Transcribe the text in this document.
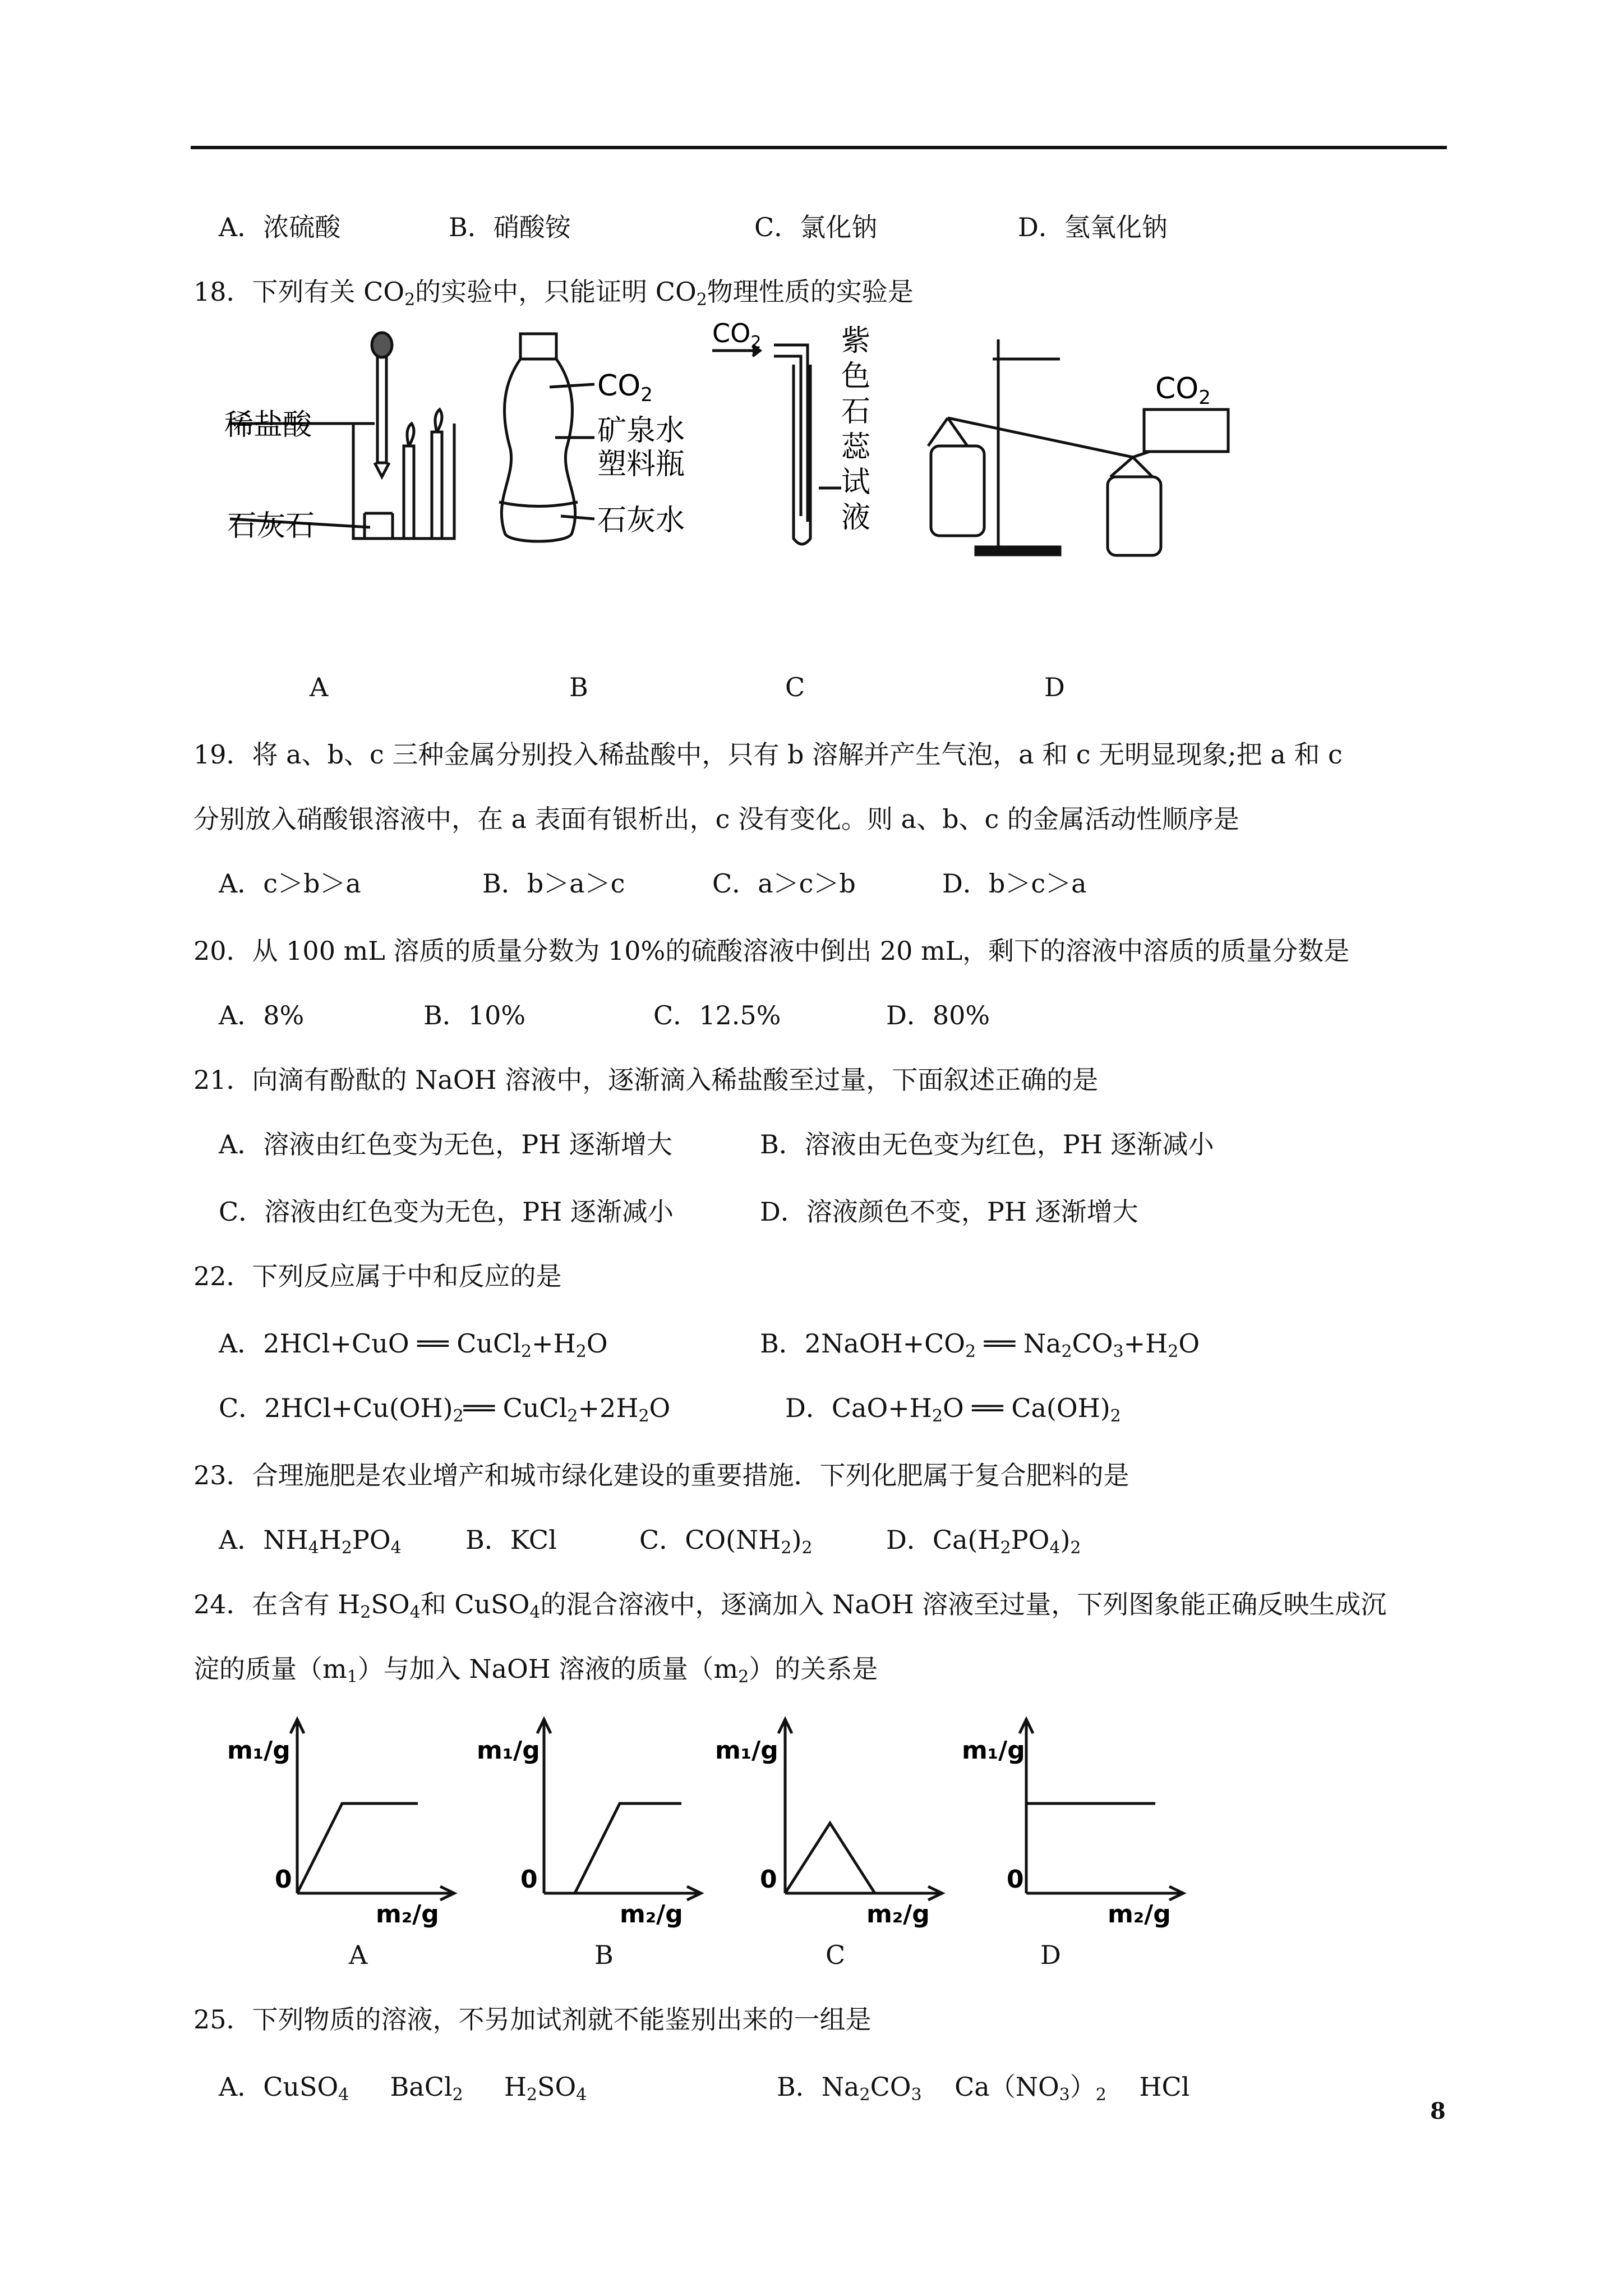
A．浓硫酸	B．硝酸铵	C．氯化钠	D．氢氧化钠
18．下列有关 $CO_2$的实验中，只能证明 $CO_2$物理性质的实验是
稀盐酸
石灰石
CO2
矿泉水
塑料瓶
石灰水
$CO_2$	紫
色
石
蕊
试
液
CO2
A	B	C	D
19．将 a、b、c 三种金属分别投入稀盐酸中，只有 b 溶解并产生气泡，a 和 c 无明显现象;把 a 和 c
分别放入硝酸银溶液中，在 a 表面有银析出，c 没有变化。则 a、b、c 的金属活动性顺序是
A．c＞b＞a	B．b＞a＞c	C．a＞c＞b	D．b＞c＞a
20．从 100 mL 溶质的质量分数为 10%的硫酸溶液中倒出 20 mL，剩下的溶液中溶质的质量分数是
A．8%	B．10%	C．12.5%	D．80%
21．向滴有酚酞的 NaOH 溶液中，逐渐滴入稀盐酸至过量，下面叙述正确的是
A．溶液由红色变为无色，PH 逐渐增大	B．溶液由无色变为红色，PH 逐渐减小
C．溶液由红色变为无色，PH 逐渐减小	D．溶液颜色不变，PH 逐渐增大
22．下列反应属于中和反应的是
A．2HCl+CuO ══ $CuCl_2+H_2O$	B．$2NaOH+CO_2$ ══ $Na_2CO_3+H_2O$
C．$2HCl+Cu(OH)_2══$ $CuCl_2+2H_2O$	D．$CaO+H_2O$ ══ $Ca(OH)_2$
23．合理施肥是农业增产和城市绿化建设的重要措施．下列化肥属于复合肥料的是
A．$NH_4H_2PO_4$ B．KCl	C．$CO(NH_2)_2$	D．$Ca(H_2PO_4)_2$
24．在含有 $H_2SO_4$和 CuSO$_4$的混合溶液中，逐滴加入 NaOH 溶液至过量，下列图象能正确反映生成沉
淀的质量$(m_1)$与加入 NaOH 溶液的质量$(m_2)$的关系是
m₁/g
0
m₂/g
m₁/g
0
m₂/g
m₁/g
0
m₂/g
m₁/g
0
m₂/g
A	B	C	D
25．下列物质的溶液，不另加试剂就不能鉴别出来的一组是
A．CuSO$_4$     BaCl$_2$     $H_2SO_4$	B．$Na_2CO_3$    $Ca(NO_3)_2$    HCl
8
